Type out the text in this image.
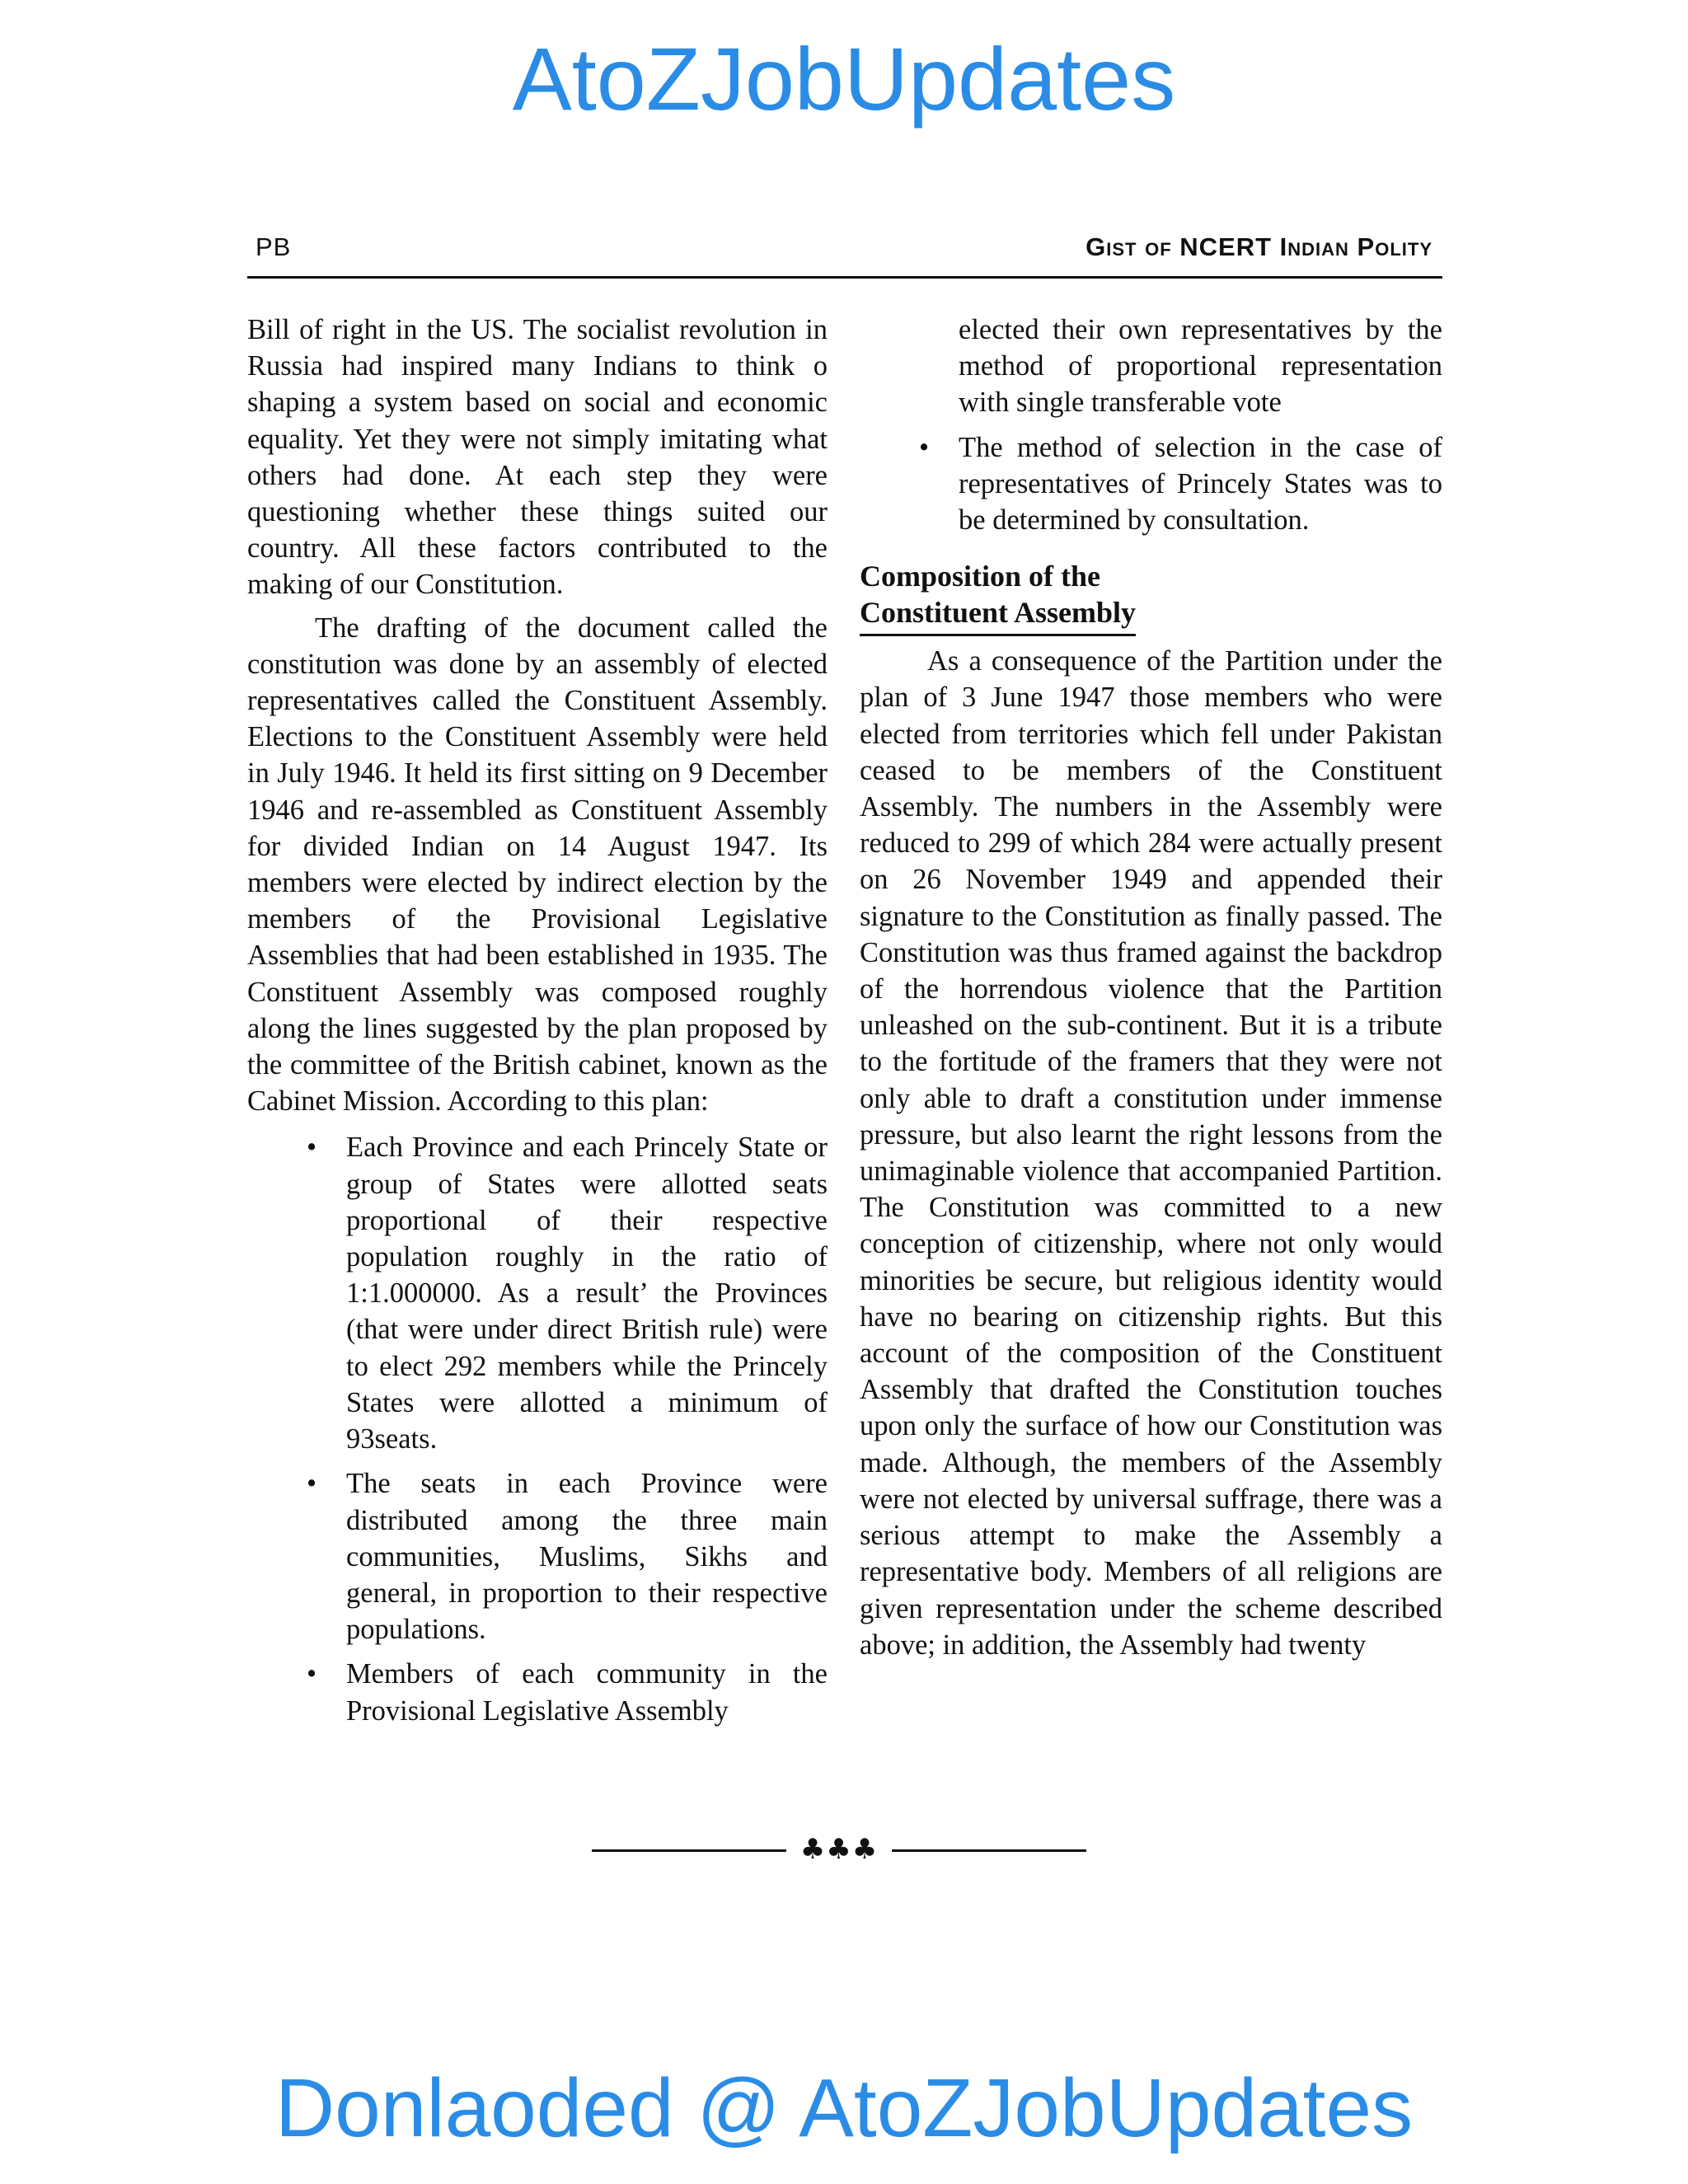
AtoZJobUpdates
PB	Gist of NCERT Indian Polity

Bill of right in the US. The socialist revolution in Russia had inspired many Indians to think o shaping a system based on social and economic equality. Yet they were not simply imitating what others had done. At each step they were questioning whether these things suited our country. All these factors contributed to the making of our Constitution.

The drafting of the document called the constitution was done by an assembly of elected representatives called the Constituent Assembly. Elections to the Constituent Assembly were held in July 1946. It held its first sitting on 9 December 1946 and re-assembled as Constituent Assembly for divided Indian on 14 August 1947. Its members were elected by indirect election by the members of the Provisional Legislative Assemblies that had been established in 1935. The Constituent Assembly was composed roughly along the lines suggested by the plan proposed by the committee of the British cabinet, known as the Cabinet Mission. According to this plan:

• Each Province and each Princely State or group of States were allotted seats proportional of their respective population roughly in the ratio of 1:1.000000. As a result’ the Provinces (that were under direct British rule) were to elect 292 members while the Princely States were allotted a minimum of 93seats.
• The seats in each Province were distributed among the three main communities, Muslims, Sikhs and general, in proportion to their respective populations.
• Members of each community in the Provisional Legislative Assembly
elected their own representatives by the method of proportional representation with single transferable vote
• The method of selection in the case of representatives of Princely States was to be determined by consultation.
Composition of the
Constituent Assembly

As a consequence of the Partition under the plan of 3 June 1947 those members who were elected from territories which fell under Pakistan ceased to be members of the Constituent Assembly. The numbers in the Assembly were reduced to 299 of which 284 were actually present on 26 November 1949 and appended their signature to the Constitution as finally passed. The Constitution was thus framed against the backdrop of the horrendous violence that the Partition unleashed on the sub-continent. But it is a tribute to the fortitude of the framers that they were not only able to draft a constitution under immense pressure, but also learnt the right lessons from the unimaginable violence that accompanied Partition. The Constitution was committed to a new conception of citizenship, where not only would minorities be secure, but religious identity would have no bearing on citizenship rights. But this account of the composition of the Constituent Assembly that drafted the Constitution touches upon only the surface of how our Constitution was made. Although, the members of the Assembly were not elected by universal suffrage, there was a serious attempt to make the Assembly a representative body. Members of all religions are given representation under the scheme described above; in addition, the Assembly had twenty

♣♣♣
Donlaoded @ AtoZJobUpdates
